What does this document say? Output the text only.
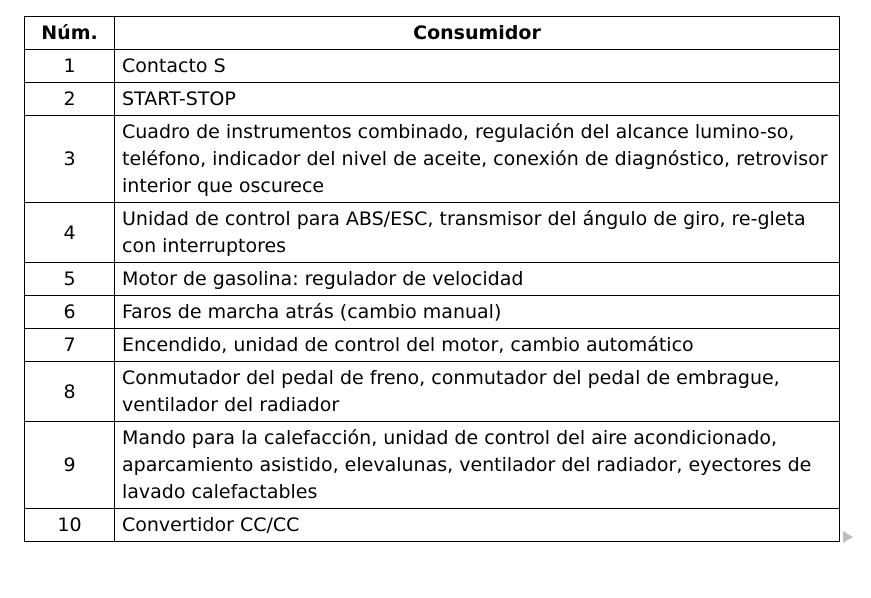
Núm.	Consumidor
1	Contacto S
2	START-STOP
3	Cuadro de instrumentos combinado, regulación del alcance lumino-so, teléfono, indicador del nivel de aceite, conexión de diagnóstico, retrovisor interior que oscurece
4	Unidad de control para ABS/ESC, transmisor del ángulo de giro, re-gleta con interruptores
5	Motor de gasolina: regulador de velocidad
6	Faros de marcha atrás (cambio manual)
7	Encendido, unidad de control del motor, cambio automático
8	Conmutador del pedal de freno, conmutador del pedal de embrague, ventilador del radiador
9	Mando para la calefacción, unidad de control del aire acondicionado, aparcamiento asistido, elevalunas, ventilador del radiador, eyectores de lavado calefactables
10	Convertidor CC/CC
